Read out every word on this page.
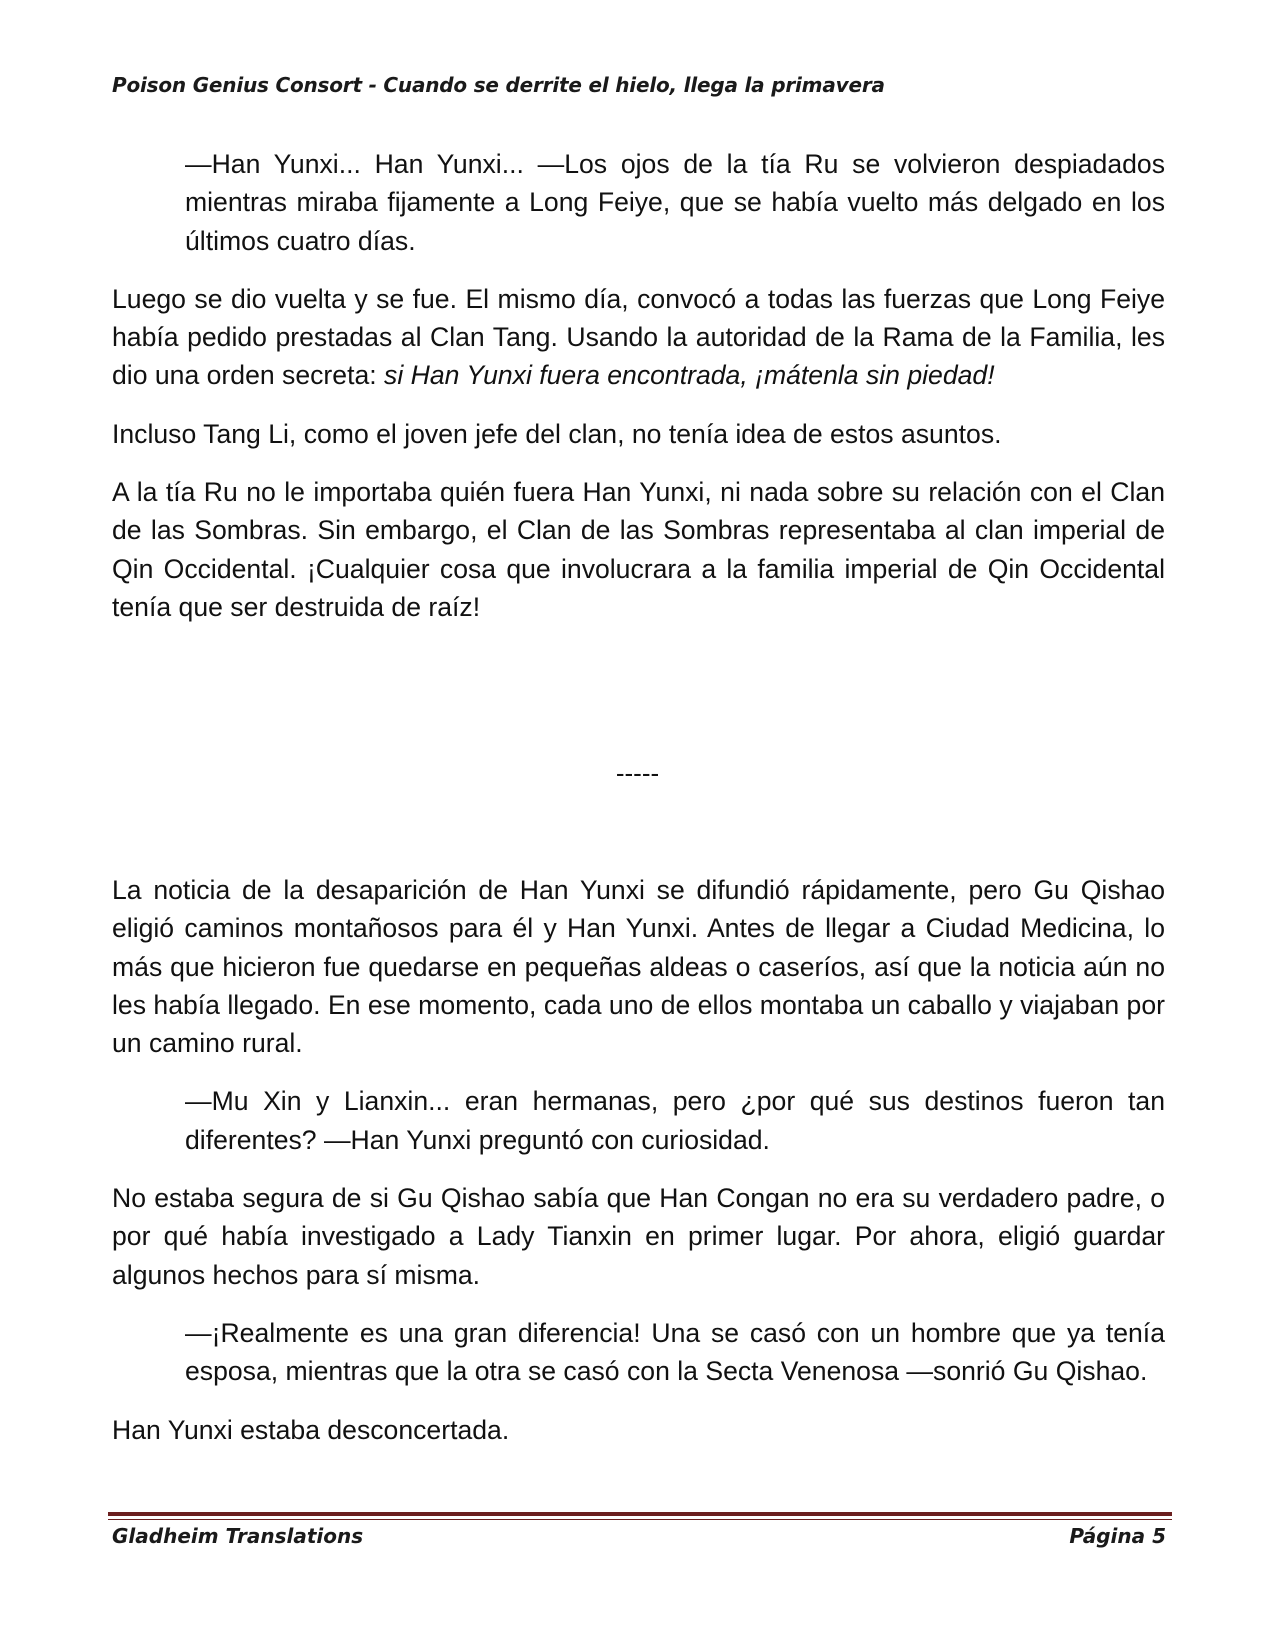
Poison Genius Consort - Cuando se derrite el hielo, llega la primavera

—Han Yunxi... Han Yunxi... —Los ojos de la tía Ru se volvieron despiadados mientras miraba fijamente a Long Feiye, que se había vuelto más delgado en los últimos cuatro días.

Luego se dio vuelta y se fue. El mismo día, convocó a todas las fuerzas que Long Feiye había pedido prestadas al Clan Tang. Usando la autoridad de la Rama de la Familia, les dio una orden secreta: si Han Yunxi fuera encontrada, ¡mátenla sin piedad!

Incluso Tang Li, como el joven jefe del clan, no tenía idea de estos asuntos.

A la tía Ru no le importaba quién fuera Han Yunxi, ni nada sobre su relación con el Clan de las Sombras. Sin embargo, el Clan de las Sombras representaba al clan imperial de Qin Occidental. ¡Cualquier cosa que involucrara a la familia imperial de Qin Occidental tenía que ser destruida de raíz!

-----

La noticia de la desaparición de Han Yunxi se difundió rápidamente, pero Gu Qishao eligió caminos montañosos para él y Han Yunxi. Antes de llegar a Ciudad Medicina, lo más que hicieron fue quedarse en pequeñas aldeas o caseríos, así que la noticia aún no les había llegado. En ese momento, cada uno de ellos montaba un caballo y viajaban por un camino rural.

—Mu Xin y Lianxin... eran hermanas, pero ¿por qué sus destinos fueron tan diferentes? —Han Yunxi preguntó con curiosidad.

No estaba segura de si Gu Qishao sabía que Han Congan no era su verdadero padre, o por qué había investigado a Lady Tianxin en primer lugar. Por ahora, eligió guardar algunos hechos para sí misma.

—¡Realmente es una gran diferencia! Una se casó con un hombre que ya tenía esposa, mientras que la otra se casó con la Secta Venenosa —sonrió Gu Qishao.

Han Yunxi estaba desconcertada.

Gladheim Translations	Página 5
